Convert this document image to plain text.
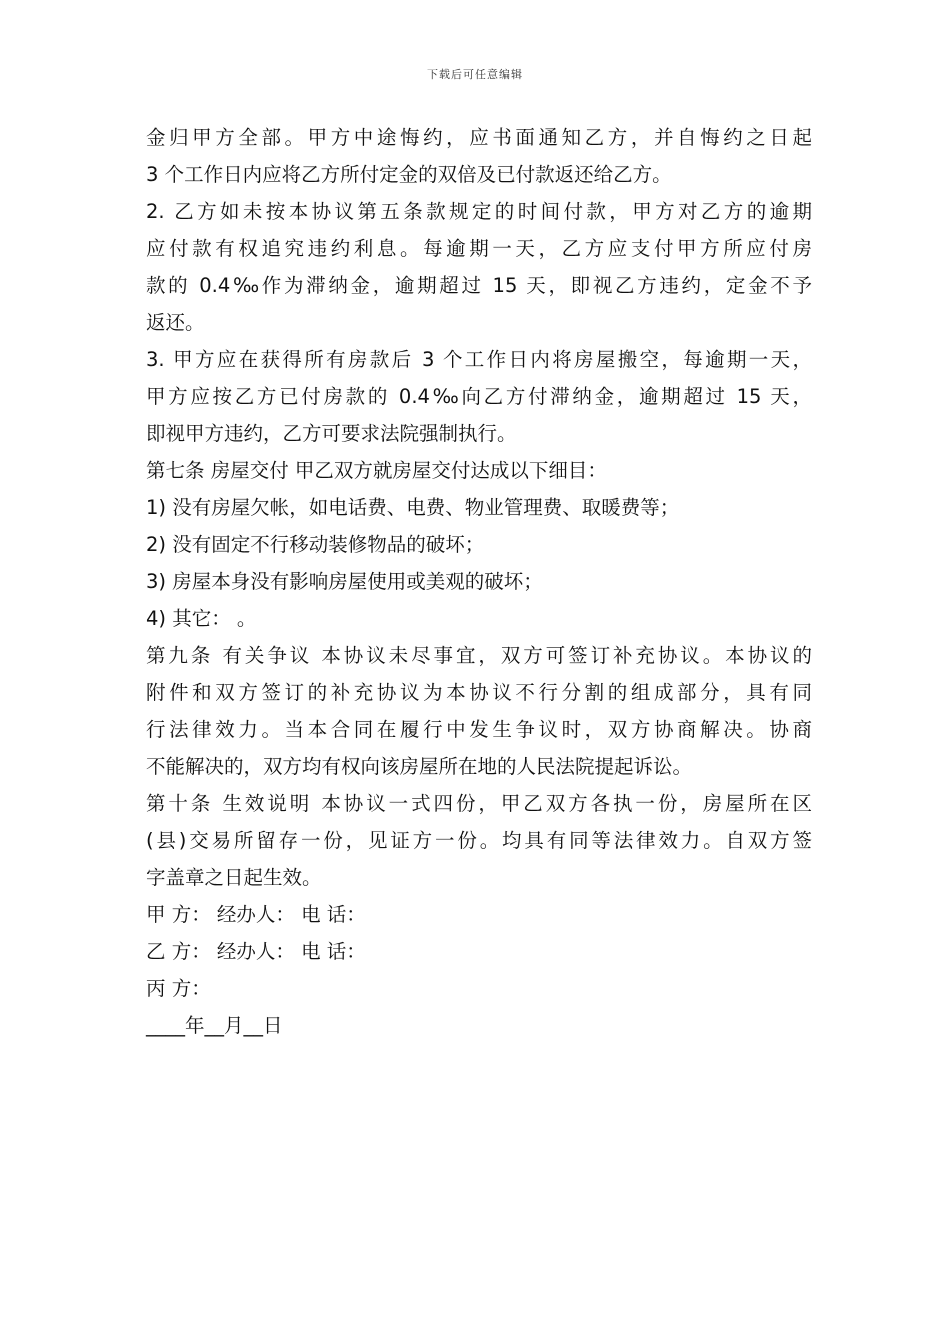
下载后可任意编辑
金归甲方全部。甲方中途悔约，应书面通知乙方，并自悔约之日起
3 个工作日内应将乙方所付定金的双倍及已付款返还给乙方。
2. 乙方如未按本协议第五条款规定的时间付款，甲方对乙方的逾期
应付款有权追究违约利息。每逾期一天，乙方应支付甲方所应付房
款的 0.4‰作为滞纳金，逾期超过 15 天，即视乙方违约，定金不予
返还。
3. 甲方应在获得所有房款后 3 个工作日内将房屋搬空，每逾期一天，
甲方应按乙方已付房款的 0.4‰向乙方付滞纳金，逾期超过 15 天，
即视甲方违约，乙方可要求法院强制执行。
第七条 房屋交付 甲乙双方就房屋交付达成以下细目：
1) 没有房屋欠帐，如电话费、电费、物业管理费、取暖费等；
2) 没有固定不行移动装修物品的破坏；
3) 房屋本身没有影响房屋使用或美观的破坏；
4) 其它： 。
第九条 有关争议 本协议未尽事宜，双方可签订补充协议。本协议的
附件和双方签订的补充协议为本协议不行分割的组成部分，具有同
行法律效力。当本合同在履行中发生争议时，双方协商解决。协商
不能解决的，双方均有权向该房屋所在地的人民法院提起诉讼。
第十条 生效说明 本协议一式四份，甲乙双方各执一份，房屋所在区
(县)交易所留存一份，见证方一份。均具有同等法律效力。自双方签
字盖章之日起生效。
甲 方： 经办人： 电 话：
乙 方： 经办人： 电 话：
丙 方：
____年__月__日
